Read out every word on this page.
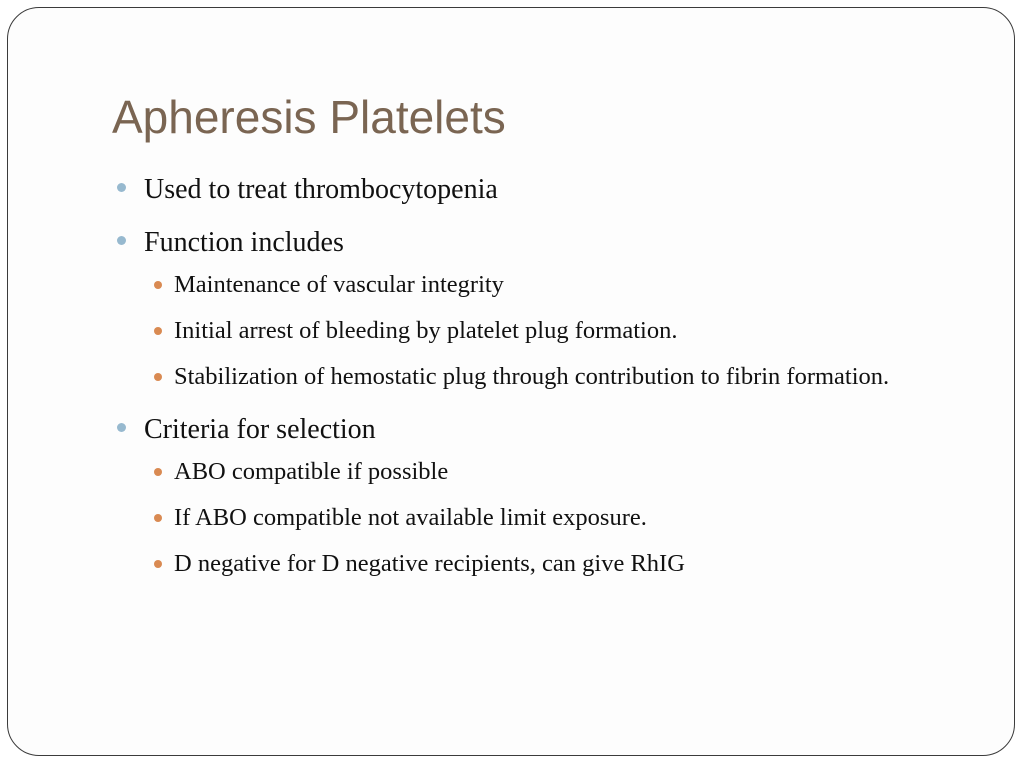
Apheresis Platelets
Used to treat thrombocytopenia
Function includes
Maintenance of vascular integrity
Initial arrest of bleeding by platelet plug formation.
Stabilization of hemostatic plug through contribution to fibrin formation.
Criteria for selection
ABO compatible if possible
If ABO compatible not available limit exposure.
D negative for D negative recipients, can give RhIG
